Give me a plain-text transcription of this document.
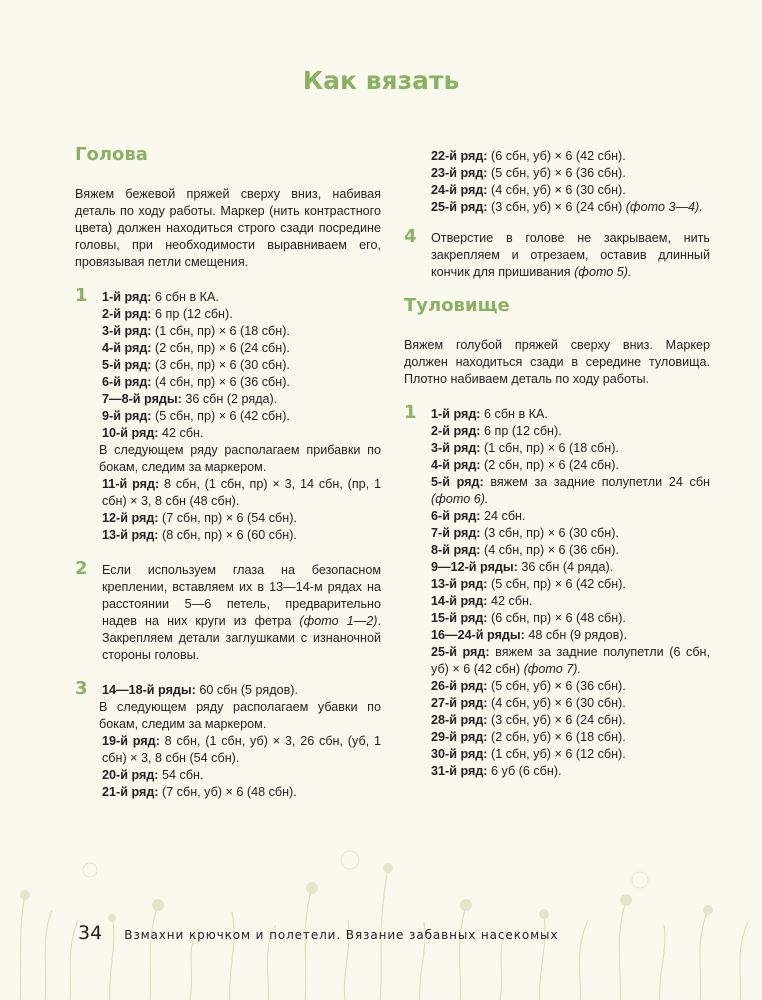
Как вязать
Голова

Вяжем бежевой пряжей сверху вниз, набивая деталь по ходу работы. Маркер (нить контрастного цвета) должен находиться строго сзади посредине головы, при необходимости выравниваем его, провязывая петли смещения.

1 1-й ряд: 6 сбн в КА.

2-й ряд: 6 пр (12 сбн).

3-й ряд: (1 сбн, пр) × 6 (18 сбн).

4-й ряд: (2 сбн, пр) × 6 (24 сбн).

5-й ряд: (3 сбн, пр) × 6 (30 сбн).

6-й ряд: (4 сбн, пр) × 6 (36 сбн).

7—8-й ряды: 36 сбн (2 ряда).

9-й ряд: (5 сбн, пр) × 6 (42 сбн).

10-й ряд: 42 сбн.

В следующем ряду располагаем прибавки по бокам, следим за маркером.

11-й ряд: 8 сбн, (1 сбн, пр) × 3, 14 сбн, (пр, 1 сбн) × 3, 8 сбн (48 сбн).

12-й ряд: (7 сбн, пр) × 6 (54 сбн).

13-й ряд: (8 сбн, пр) × 6 (60 сбн).

2 Если используем глаза на безопасном креплении, вставляем их в 13—14-м рядах на расстоянии 5—6 петель, предварительно надев на них круги из фетра (фото 1—2). Закрепляем детали заглушками с изнаночной стороны головы.

3 14—18-й ряды: 60 сбн (5 рядов).

В следующем ряду располагаем убавки по бокам, следим за маркером.

19-й ряд: 8 сбн, (1 сбн, уб) × 3, 26 сбн, (уб, 1 сбн) × 3, 8 сбн (54 сбн).

20-й ряд: 54 сбн.

21-й ряд: (7 сбн, уб) × 6 (48 сбн).

22-й ряд: (6 сбн, уб) × 6 (42 сбн).

23-й ряд: (5 сбн, уб) × 6 (36 сбн).

24-й ряд: (4 сбн, уб) × 6 (30 сбн).

25-й ряд: (3 сбн, уб) × 6 (24 сбн) (фото 3—4).

4 Отверстие в голове не закрываем, нить закрепляем и отрезаем, оставив длинный кончик для пришивания (фото 5).

Туловище

Вяжем голубой пряжей сверху вниз. Маркер должен находиться сзади в середине туловища. Плотно набиваем деталь по ходу работы.

1 1-й ряд: 6 сбн в КА.

2-й ряд: 6 пр (12 сбн).

3-й ряд: (1 сбн, пр) × 6 (18 сбн).

4-й ряд: (2 сбн, пр) × 6 (24 сбн).

5-й ряд: вяжем за задние полупетли 24 сбн (фото 6).

6-й ряд: 24 сбн.

7-й ряд: (3 сбн, пр) × 6 (30 сбн).

8-й ряд: (4 сбн, пр) × 6 (36 сбн).

9—12-й ряды: 36 сбн (4 ряда).

13-й ряд: (5 сбн, пр) × 6 (42 сбн).

14-й ряд: 42 сбн.

15-й ряд: (6 сбн, пр) × 6 (48 сбн).

16—24-й ряды: 48 сбн (9 рядов).

25-й ряд: вяжем за задние полупетли (6 сбн, уб) × 6 (42 сбн) (фото 7).

26-й ряд: (5 сбн, уб) × 6 (36 сбн).

27-й ряд: (4 сбн, уб) × 6 (30 сбн).

28-й ряд: (3 сбн, уб) × 6 (24 сбн).

29-й ряд: (2 сбн, уб) × 6 (18 сбн).

30-й ряд: (1 сбн, уб) × 6 (12 сбн).

31-й ряд: 6 уб (6 сбн).

34 Взмахни крючком и полетели. Вязание забавных насекомых
